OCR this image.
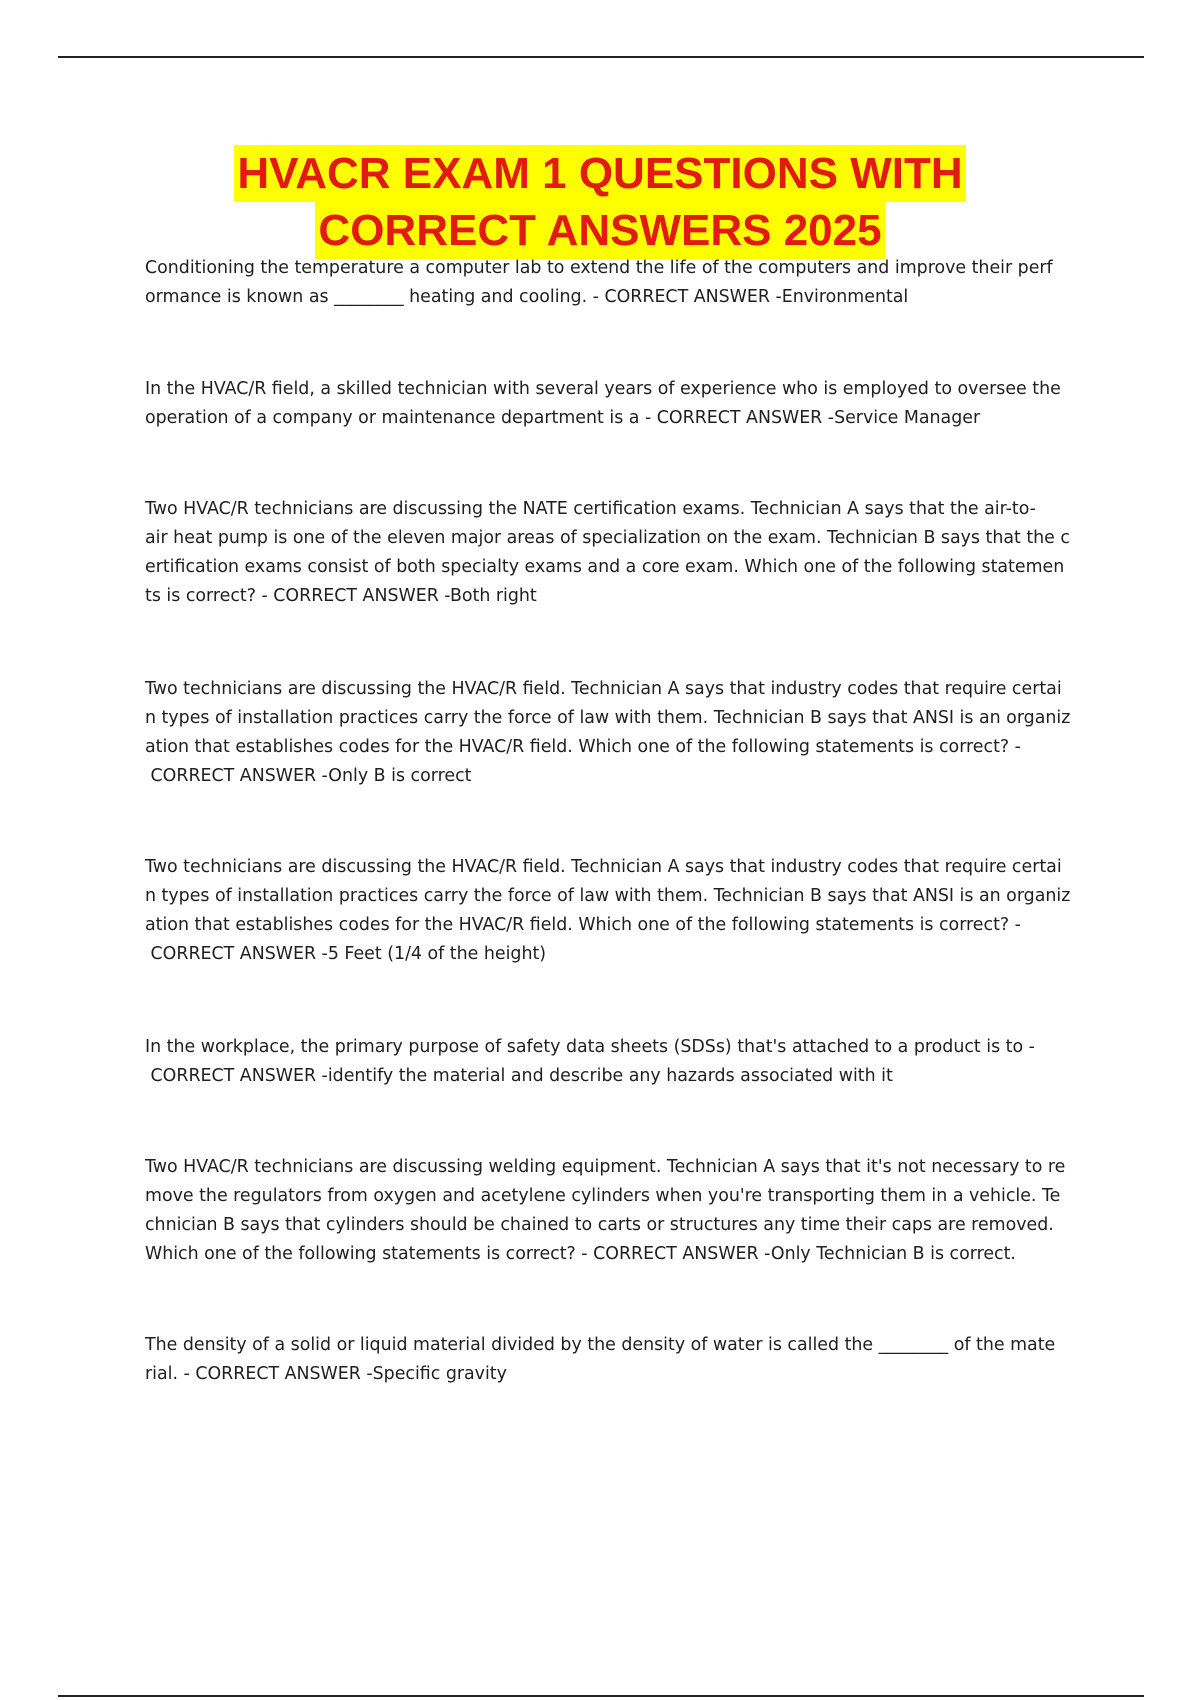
HVACR EXAM 1 QUESTIONS WITH
CORRECT ANSWERS 2025

Conditioning the temperature a computer lab to extend the life of the computers and improve their perf
ormance is known as ________ heating and cooling. - CORRECT ANSWER -Environmental

In the HVAC/R field, a skilled technician with several years of experience who is employed to oversee the
operation of a company or maintenance department is a - CORRECT ANSWER -Service Manager

Two HVAC/R technicians are discussing the NATE certification exams. Technician A says that the air-to-
air heat pump is one of the eleven major areas of specialization on the exam. Technician B says that the c
ertification exams consist of both specialty exams and a core exam. Which one of the following statemen
ts is correct? - CORRECT ANSWER -Both right

Two technicians are discussing the HVAC/R field. Technician A says that industry codes that require certai
n types of installation practices carry the force of law with them. Technician B says that ANSI is an organiz
ation that establishes codes for the HVAC/R field. Which one of the following statements is correct? -
CORRECT ANSWER -Only B is correct

Two technicians are discussing the HVAC/R field. Technician A says that industry codes that require certai
n types of installation practices carry the force of law with them. Technician B says that ANSI is an organiz
ation that establishes codes for the HVAC/R field. Which one of the following statements is correct? -
CORRECT ANSWER -5 Feet (1/4 of the height)

In the workplace, the primary purpose of safety data sheets (SDSs) that's attached to a product is to -
CORRECT ANSWER -identify the material and describe any hazards associated with it

Two HVAC/R technicians are discussing welding equipment. Technician A says that it's not necessary to re
move the regulators from oxygen and acetylene cylinders when you're transporting them in a vehicle. Te
chnician B says that cylinders should be chained to carts or structures any time their caps are removed.
Which one of the following statements is correct? - CORRECT ANSWER -Only Technician B is correct.

The density of a solid or liquid material divided by the density of water is called the ________ of the mate
rial. - CORRECT ANSWER -Specific gravity
